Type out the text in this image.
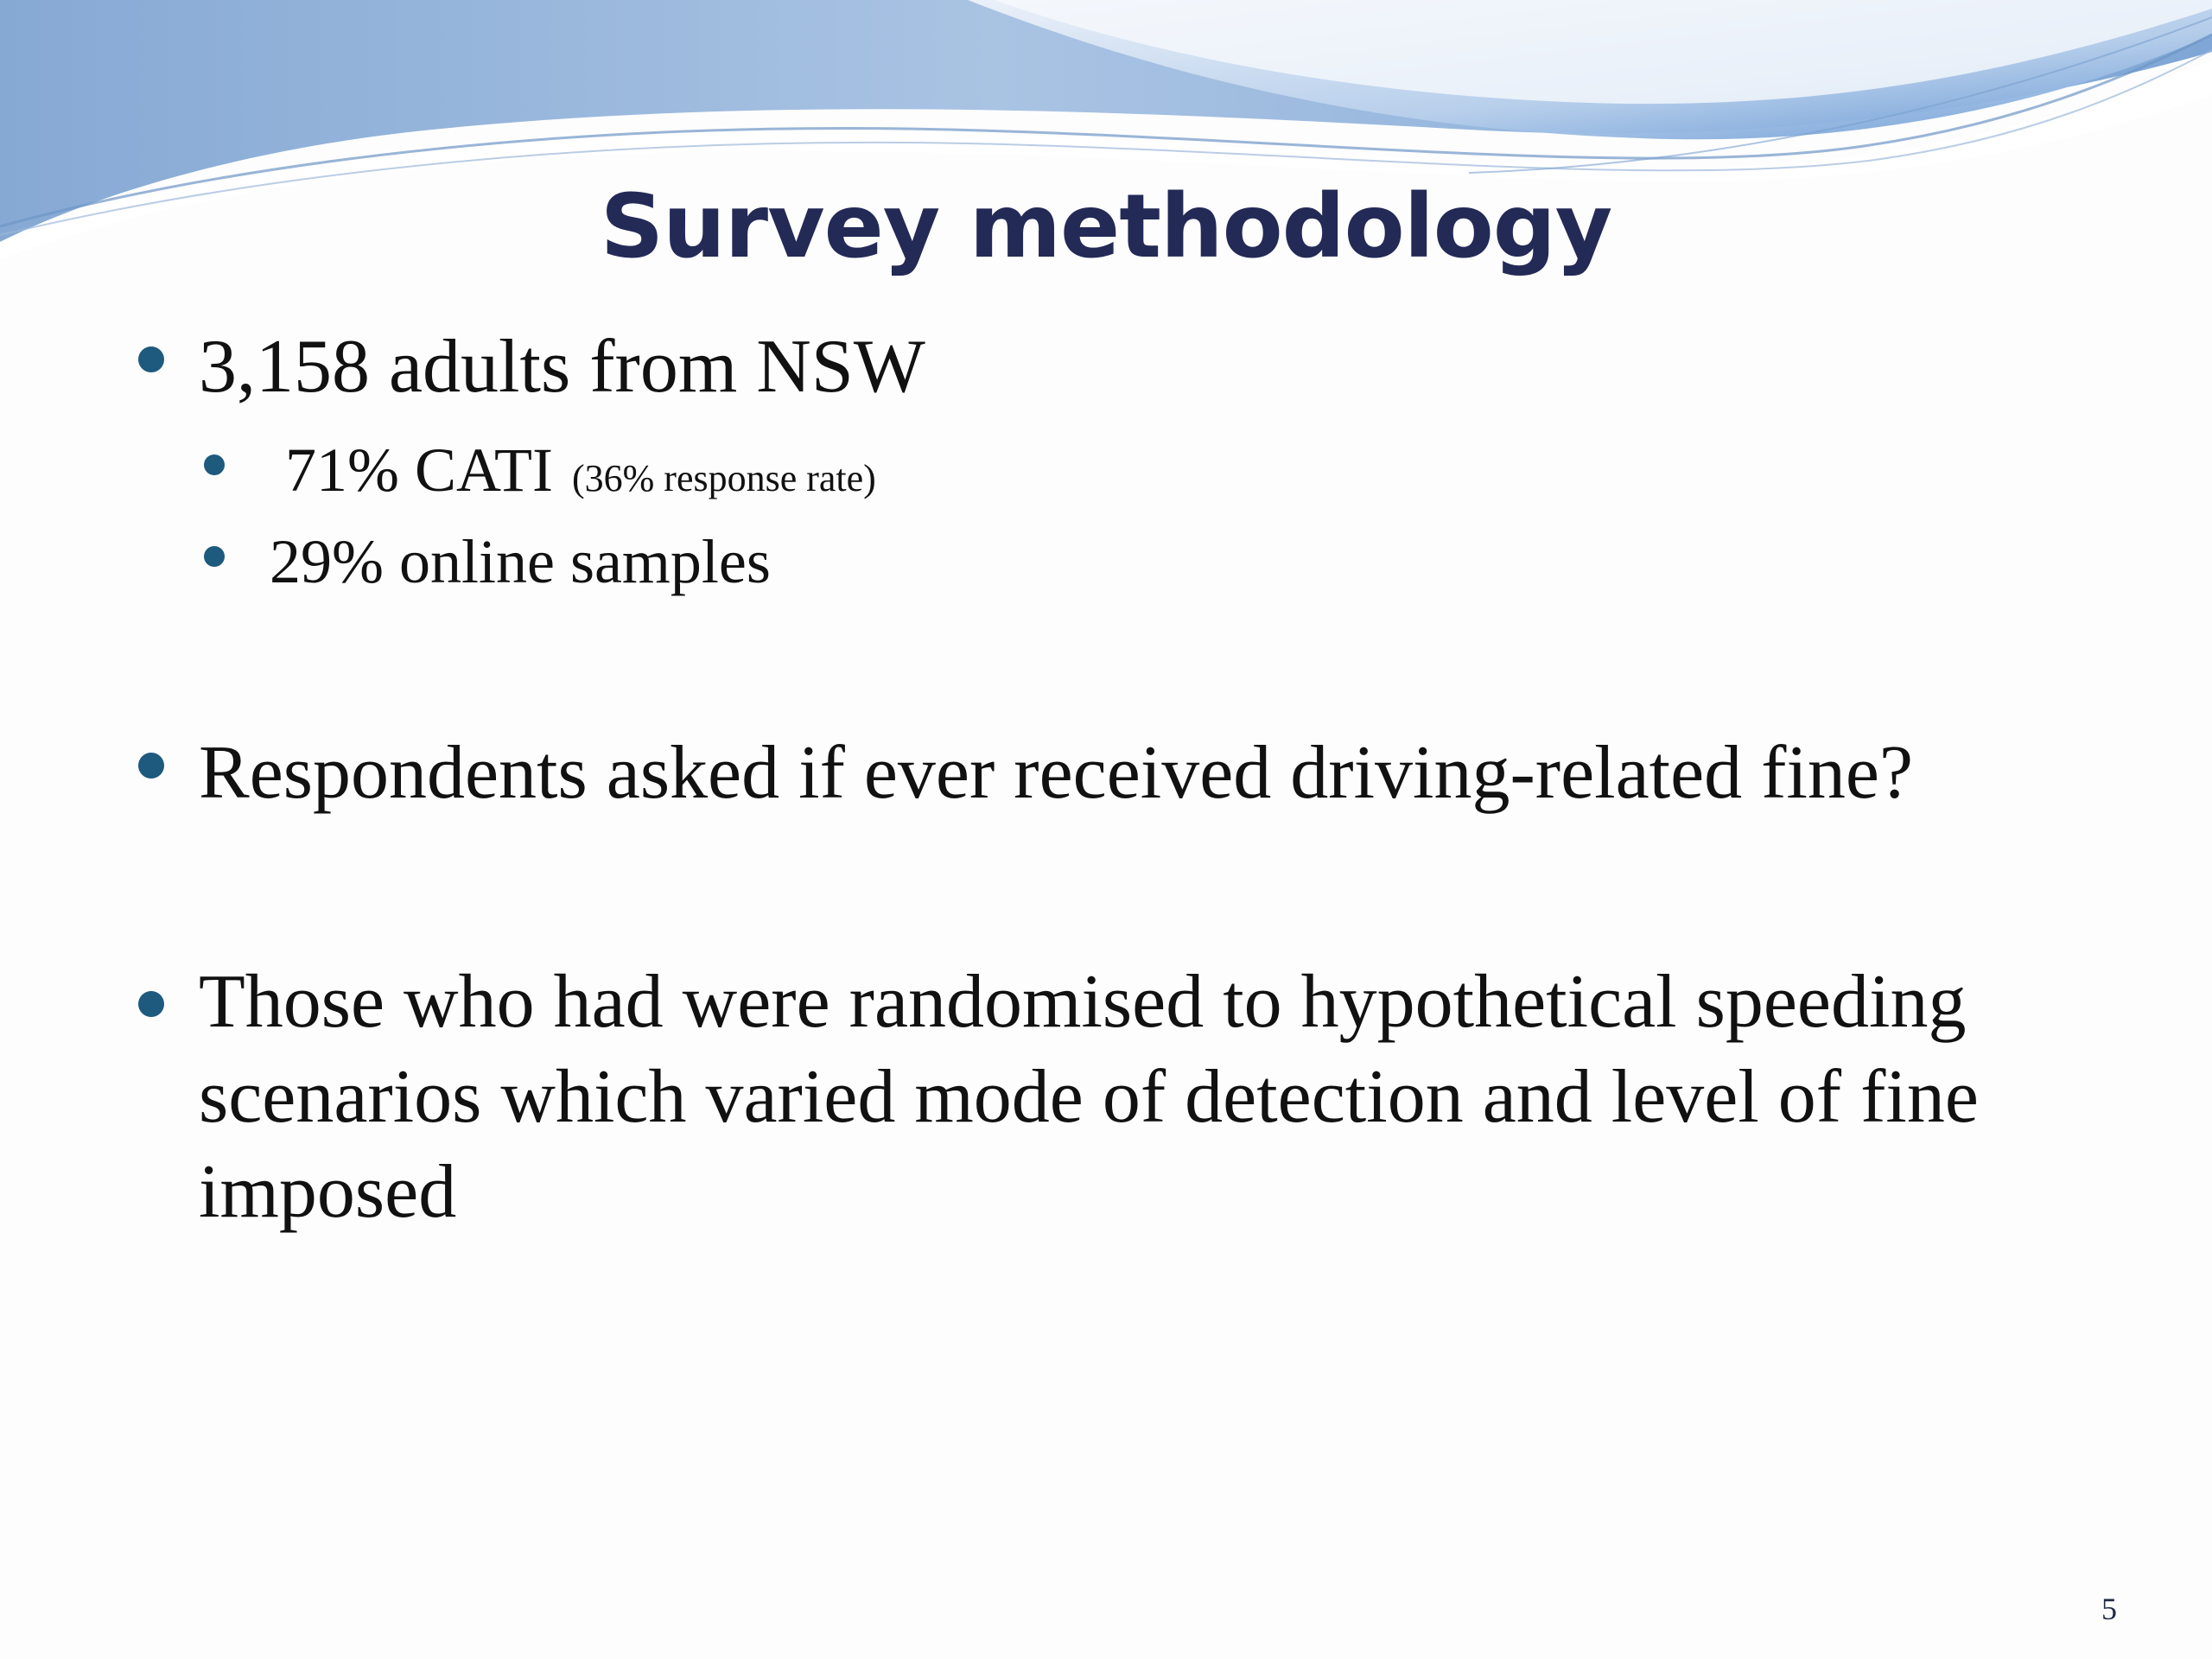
Survey methodology
3,158 adults from NSW
71% CATI (36% response rate)
29% online samples
Respondents asked if ever received driving-related fine?
Those who had were randomised to hypothetical speeding scenarios which varied mode of detection and level of fine imposed
5
